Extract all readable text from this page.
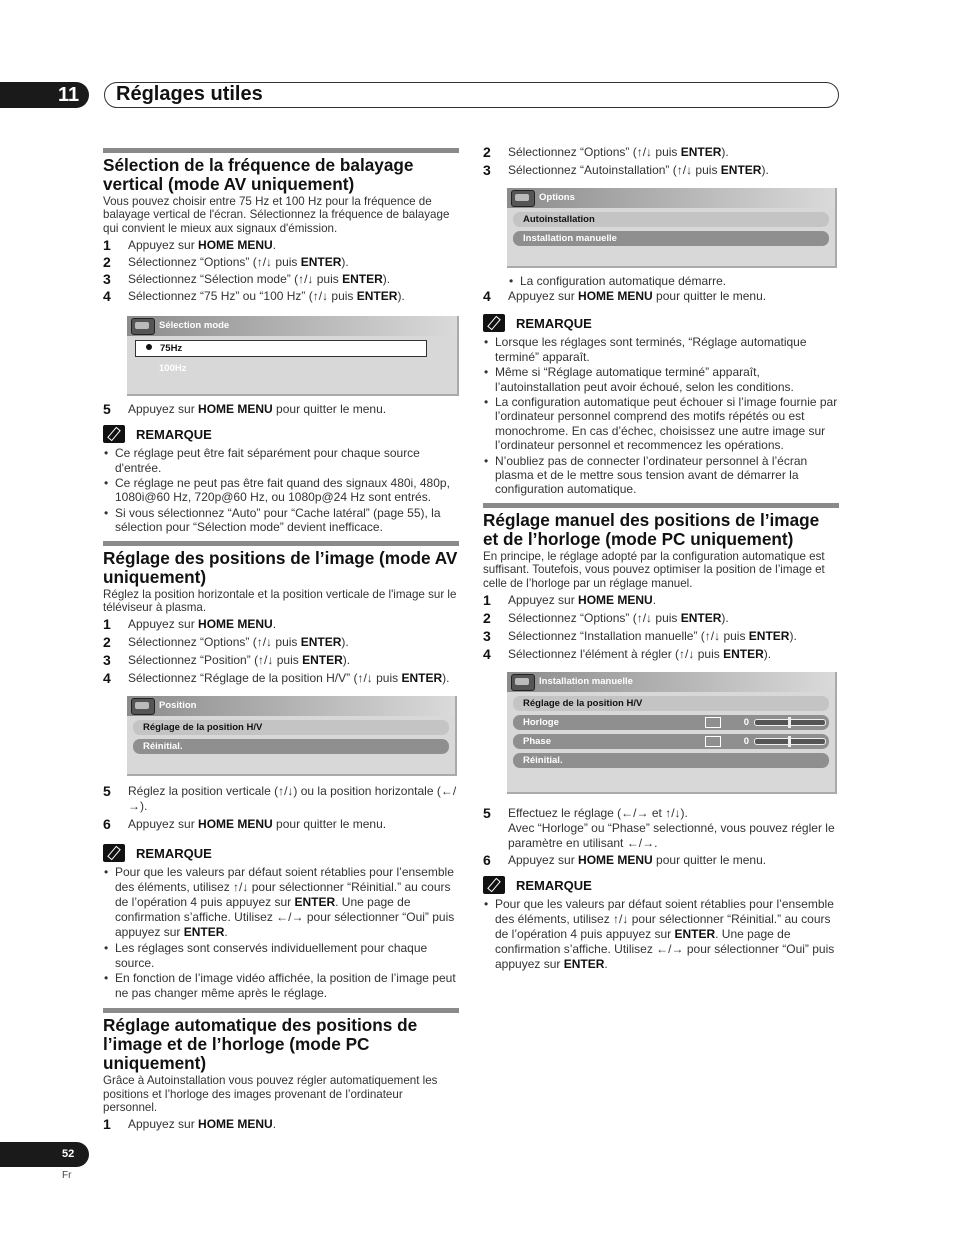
11 Réglages utiles
Sélection de la fréquence de balayage vertical (mode AV uniquement)

Vous pouvez choisir entre 75 Hz et 100 Hz pour la fréquence de balayage vertical de l'écran. Sélectionnez la fréquence de balayage qui convient le mieux aux signaux d'émission.

1	Appuyez sur HOME MENU.
2	Sélectionnez “Options” (↑/↓ puis ENTER).
3	Sélectionnez “Sélection mode” (↑/↓ puis ENTER).
4	Sélectionnez “75 Hz” ou “100 Hz” (↑/↓ puis ENTER).
Sélection mode
75Hz
100Hz
5	Appuyez sur HOME MENU pour quitter le menu.
REMARQUE
• Ce réglage peut être fait séparément pour chaque source d'entrée.
• Ce réglage ne peut pas être fait quand des signaux 480i, 480p, 1080i@60 Hz, 720p@60 Hz, ou 1080p@24 Hz sont entrés.
• Si vous sélectionnez “Auto” pour “Cache latéral” (page 55), la sélection pour “Sélection mode” devient inefficace.
Réglage des positions de l’image (mode AV uniquement)

Réglez la position horizontale et la position verticale de l'image sur le téléviseur à plasma.

1	Appuyez sur HOME MENU.
2	Sélectionnez “Options” (↑/↓ puis ENTER).
3	Sélectionnez “Position” (↑/↓ puis ENTER).
4	Sélectionnez “Réglage de la position H/V” (↑/↓ puis ENTER).
Position
Réglage de la position H/V
Réinitial.
5	Réglez la position verticale (↑/↓) ou la position horizontale (←/→).
6	Appuyez sur HOME MENU pour quitter le menu.
REMARQUE
• Pour que les valeurs par défaut soient rétablies pour l’ensemble des éléments, utilisez ↑/↓ pour sélectionner “Réinitial.” au cours de l’opération 4 puis appuyez sur ENTER. Une page de confirmation s’affiche. Utilisez ←/→ pour sélectionner “Oui” puis appuyez sur ENTER.
• Les réglages sont conservés individuellement pour chaque source.
• En fonction de l’image vidéo affichée, la position de l’image peut ne pas changer même après le réglage.
Réglage automatique des positions de l’image et de l’horloge (mode PC uniquement)

Grâce à Autoinstallation vous pouvez régler automatiquement les positions et l’horloge des images provenant de l’ordinateur personnel.

1	Appuyez sur HOME MENU.
2	Sélectionnez “Options” (↑/↓ puis ENTER).
3	Sélectionnez “Autoinstallation” (↑/↓ puis ENTER).
Options
Autoinstallation
Installation manuelle
• La configuration automatique démarre.
4	Appuyez sur HOME MENU pour quitter le menu.
REMARQUE
• Lorsque les réglages sont terminés, “Réglage automatique terminé” apparaît.
• Même si “Réglage automatique terminé” apparaît, l’autoinstallation peut avoir échoué, selon les conditions.
• La configuration automatique peut échouer si l’image fournie par l’ordinateur personnel comprend des motifs répétés ou est monochrome. En cas d’échec, choisissez une autre image sur l’ordinateur personnel et recommencez les opérations.
• N’oubliez pas de connecter l’ordinateur personnel à l’écran plasma et de le mettre sous tension avant de démarrer la configuration automatique.
Réglage manuel des positions de l’image et de l’horloge (mode PC uniquement)

En principe, le réglage adopté par la configuration automatique est suffisant. Toutefois, vous pouvez optimiser la position de l’image et celle de l’horloge par un réglage manuel.

1	Appuyez sur HOME MENU.
2	Sélectionnez “Options” (↑/↓ puis ENTER).
3	Sélectionnez “Installation manuelle” (↑/↓ puis ENTER).
4	Sélectionnez l'élément à régler (↑/↓ puis ENTER).
Installation manuelle
Réglage de la position H/V
Horloge	0
Phase	0
Réinitial.
5	Effectuez le réglage (←/→ et ↑/↓).
Avec “Horloge” ou “Phase” selectionné, vous pouvez régler le paramètre en utilisant ←/→.
6	Appuyez sur HOME MENU pour quitter le menu.
REMARQUE
• Pour que les valeurs par défaut soient rétablies pour l’ensemble des éléments, utilisez ↑/↓ pour sélectionner “Réinitial.” au cours de l’opération 4 puis appuyez sur ENTER. Une page de confirmation s’affiche. Utilisez ←/→ pour sélectionner “Oui” puis appuyez sur ENTER.
52
Fr
